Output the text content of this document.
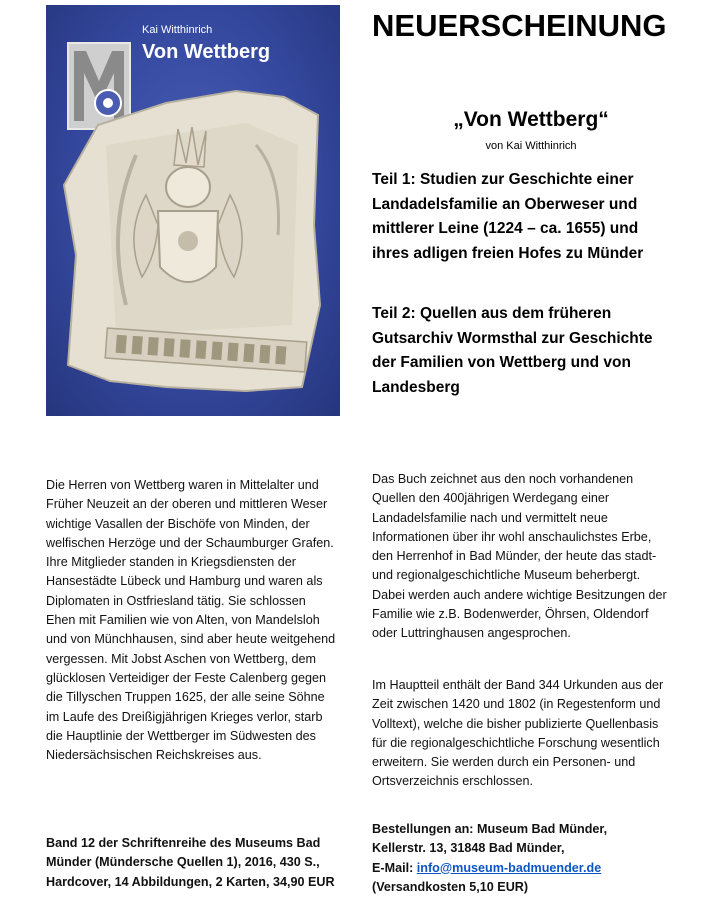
Kai Witthinrich
Von Wettberg
NEUERSCHEINUNG
„Von Wettberg“
von Kai Witthinrich
Teil 1: Studien zur Geschichte einer Landadelsfamilie an Oberweser und mittlerer Leine (1224 – ca. 1655) und ihres adligen freien Hofes zu Münder
Teil 2: Quellen aus dem früheren Gutsarchiv Wormsthal zur Geschichte der Familien von Wettberg und von Landesberg

Die Herren von Wettberg waren in Mittelalter und Früher Neuzeit an der oberen und mittleren Weser wichtige Vasallen der Bischöfe von Minden, der welfischen Herzöge und der Schaumburger Grafen. Ihre Mitglieder standen in Kriegsdiensten der Hansestädte Lübeck und Hamburg und waren als Diplomaten in Ostfriesland tätig. Sie schlossen Ehen mit Familien wie von Alten, von Mandelsloh und von Münchhausen, sind aber heute weitgehend vergessen. Mit Jobst Aschen von Wettberg, dem glücklosen Verteidiger der Feste Calenberg gegen die Tillyschen Truppen 1625, der alle seine Söhne im Laufe des Dreißigjährigen Krieges verlor, starb die Hauptlinie der Wettberger im Südwesten des Niedersächsischen Reichskreises aus.

Band 12 der Schriftenreihe des Museums Bad Münder (Mündersche Quellen 1), 2016, 430 S., Hardcover, 14 Abbildungen, 2 Karten, 34,90 EUR

Das Buch zeichnet aus den noch vorhandenen Quellen den 400jährigen Werdegang einer Landadelsfamilie nach und vermittelt neue Informationen über ihr wohl anschaulichstes Erbe, den Herrenhof in Bad Münder, der heute das stadt- und regionalgeschichtliche Museum beherbergt. Dabei werden auch andere wichtige Besitzungen der Familie wie z.B. Bodenwerder, Öhrsen, Oldendorf oder Luttringhausen angesprochen.

Im Hauptteil enthält der Band 344 Urkunden aus der Zeit zwischen 1420 und 1802 (in Regestenform und Volltext), welche die bisher publizierte Quellenbasis für die regionalgeschichtliche Forschung wesentlich erweitern. Sie werden durch ein Personen- und Ortsverzeichnis erschlossen.

Bestellungen an: Museum Bad Münder,
Kellerstr. 13, 31848 Bad Münder,
E-Mail: info@museum-badmuender.de
(Versandkosten 5,10 EUR)
